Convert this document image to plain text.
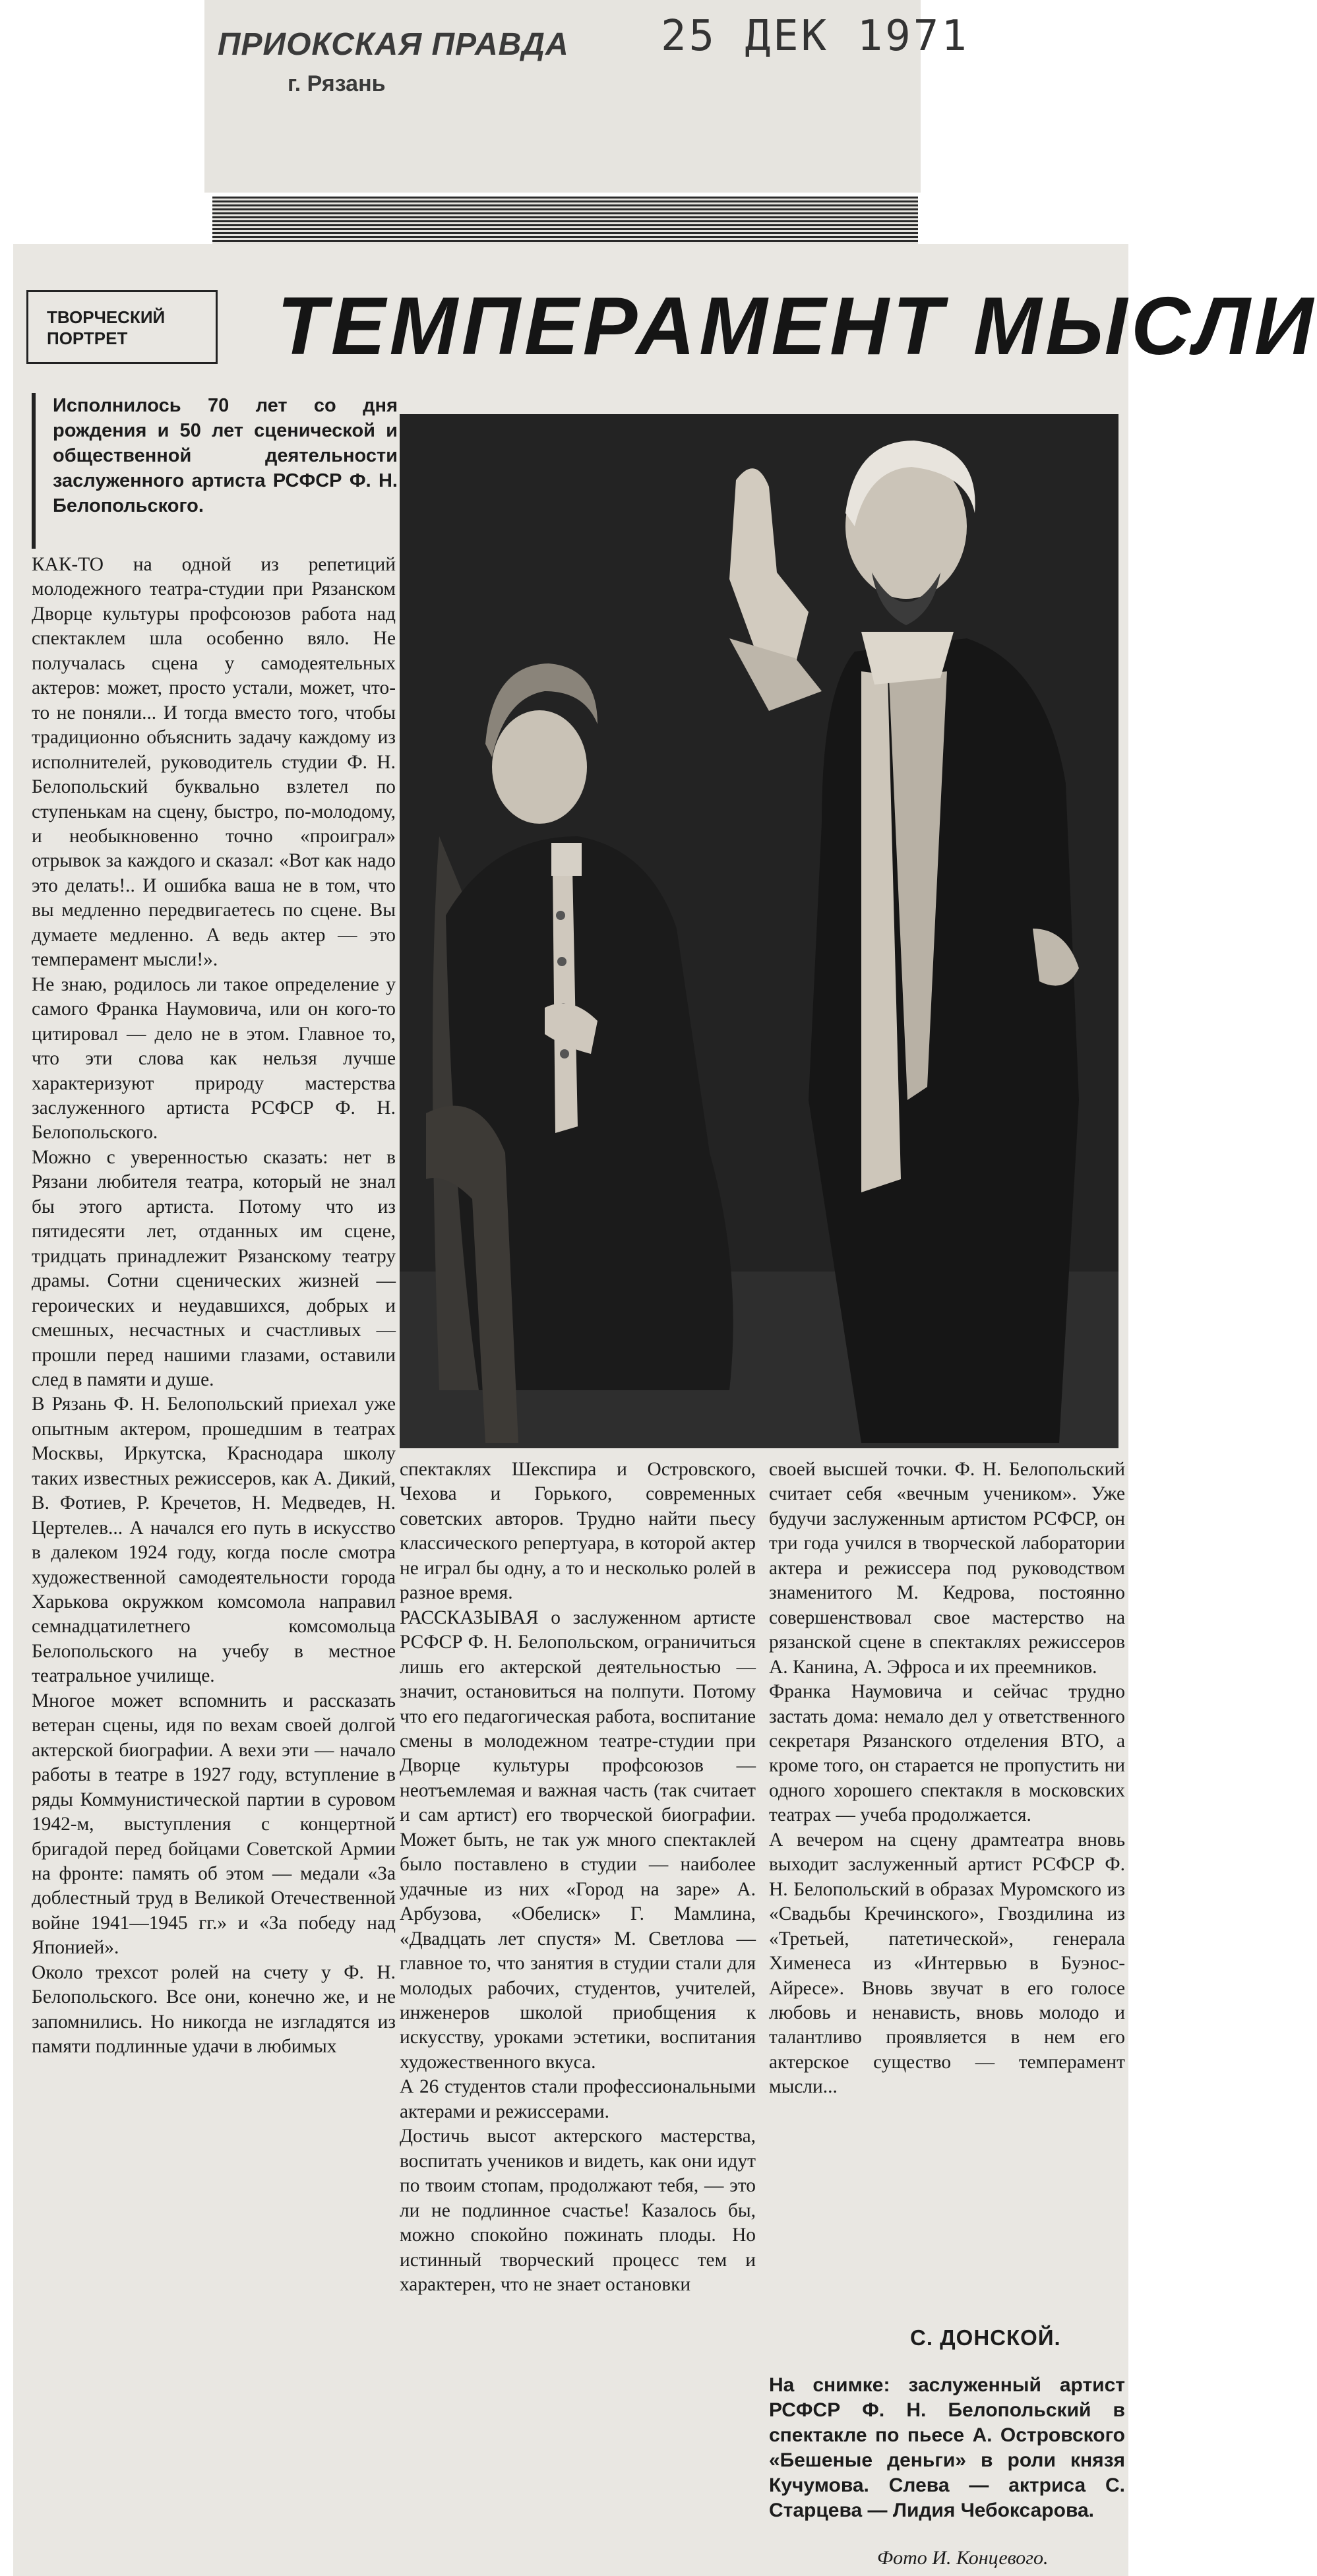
ПРИОКСКАЯ ПРАВДА
г. Рязань
25 ДЕК 1971
ТВОРЧЕСКИЙ ПОРТРЕТ	ТЕМПЕРАМЕНТ МЫСЛИ
Исполнилось 70 лет со дня рождения и 50 лет сценической и общественной деятельности заслуженного артиста РСФСР Ф. Н. Белопольского.
КАК-ТО на одной из репетиций молодежного театра-студии при Рязанском Дворце культуры профсоюзов работа над спектаклем шла особенно вяло. Не получалась сцена у самодеятельных актеров: может, просто устали, может, что-то не поняли... И тогда вместо того, чтобы традиционно объяснить задачу каждому из исполнителей, руководитель студии Ф. Н. Белопольский буквально взлетел по ступенькам на сцену, быстро, по-молодому, и необыкновенно точно «проиграл» отрывок за каждого и сказал: «Вот как надо это делать!.. И ошибка ваша не в том, что вы медленно передвигаетесь по сцене. Вы думаете медленно. А ведь актер — это темперамент мысли!».
Не знаю, родилось ли такое определение у самого Франка Наумовича, или он кого-то цитировал — дело не в этом. Главное то, что эти слова как нельзя лучше характеризуют природу мастерства заслуженного артиста РСФСР Ф. Н. Белопольского.
Можно с уверенностью сказать: нет в Рязани любителя театра, который не знал бы этого артиста. Потому что из пятидесяти лет, отданных им сцене, тридцать принадлежит Рязанскому театру драмы. Сотни сценических жизней — героических и неудавшихся, добрых и смешных, несчастных и счастливых — прошли перед нашими глазами, оставили след в памяти и душе.
В Рязань Ф. Н. Белопольский приехал уже опытным актером, прошедшим в театрах Москвы, Иркутска, Краснодара школу таких известных режиссеров, как А. Дикий, В. Фотиев, Р. Кречетов, Н. Медведев, Н. Цертелев... А начался его путь в искусство в далеком 1924 году, когда после смотра художественной самодеятельности города Харькова окружком комсомола направил семнадцатилетнего комсомольца Белопольского на учебу в местное театральное училище.
Многое может вспомнить и рассказать ветеран сцены, идя по вехам своей долгой актерской биографии. А вехи эти — начало работы в театре в 1927 году, вступление в ряды Коммунистической партии в суровом 1942-м, выступления с концертной бригадой перед бойцами Советской Армии на фронте: память об этом — медали «За доблестный труд в Великой Отечественной войне 1941—1945 гг.» и «За победу над Японией».
Около трехсот ролей на счету у Ф. Н. Белопольского. Все они, конечно же, и не запомнились. Но никогда не изгладятся из памяти подлинные удачи в любимых
спектаклях Шекспира и Островского, Чехова и Горького, современных советских авторов. Трудно найти пьесу классического репертуара, в которой актер не играл бы одну, а то и несколько ролей в разное время.
РАССКАЗЫВАЯ о заслуженном артисте РСФСР Ф. Н. Белопольском, ограничиться лишь его актерской деятельностью — значит, остановиться на полпути. Потому что его педагогическая работа, воспитание смены в молодежном театре-студии при Дворце культуры профсоюзов — неотъемлемая и важная часть (так считает и сам артист) его творческой биографии. Может быть, не так уж много спектаклей было поставлено в студии — наиболее удачные из них «Город на заре» А. Арбузова, «Обелиск» Г. Мамлина, «Двадцать лет спустя» М. Светлова — главное то, что занятия в студии стали для молодых рабочих, студентов, учителей, инженеров школой приобщения к искусству, уроками эстетики, воспитания художественного вкуса.
А 26 студентов стали профессиональными актерами и режиссерами.
Достичь высот актерского мастерства, воспитать учеников и видеть, как они идут по твоим стопам, продолжают тебя, — это ли не подлинное счастье! Казалось бы, можно спокойно пожинать плоды. Но истинный творческий процесс тем и характерен, что не знает остановки
своей высшей точки. Ф. Н. Белопольский считает себя «вечным учеником». Уже будучи заслуженным артистом РСФСР, он три года учился в творческой лаборатории актера и режиссера под руководством знаменитого М. Кедрова, постоянно совершенствовал свое мастерство на рязанской сцене в спектаклях режиссеров А. Канина, А. Эфроса и их преемников.
Франка Наумовича и сейчас трудно застать дома: немало дел у ответственного секретаря Рязанского отделения ВТО, а кроме того, он старается не пропустить ни одного хорошего спектакля в московских театрах — учеба продолжается.
А вечером на сцену драмтеатра вновь выходит заслуженный артист РСФСР Ф. Н. Белопольский в образах Муромского из «Свадьбы Кречинского», Гвоздилина из «Третьей, патетической», генерала Хименеса из «Интервью в Буэнос-Айресе». Вновь звучат в его голосе любовь и ненависть, вновь молодо и талантливо проявляется в нем его актерское существо — темперамент мысли...
С. ДОНСКОЙ.
На снимке: заслуженный артист РСФСР Ф. Н. Белопольский в спектакле по пьесе А. Островского «Бешеные деньги» в роли князя Кучумова. Слева — актриса С. Старцева — Лидия Чебоксарова.
Фото И. Концевого.
